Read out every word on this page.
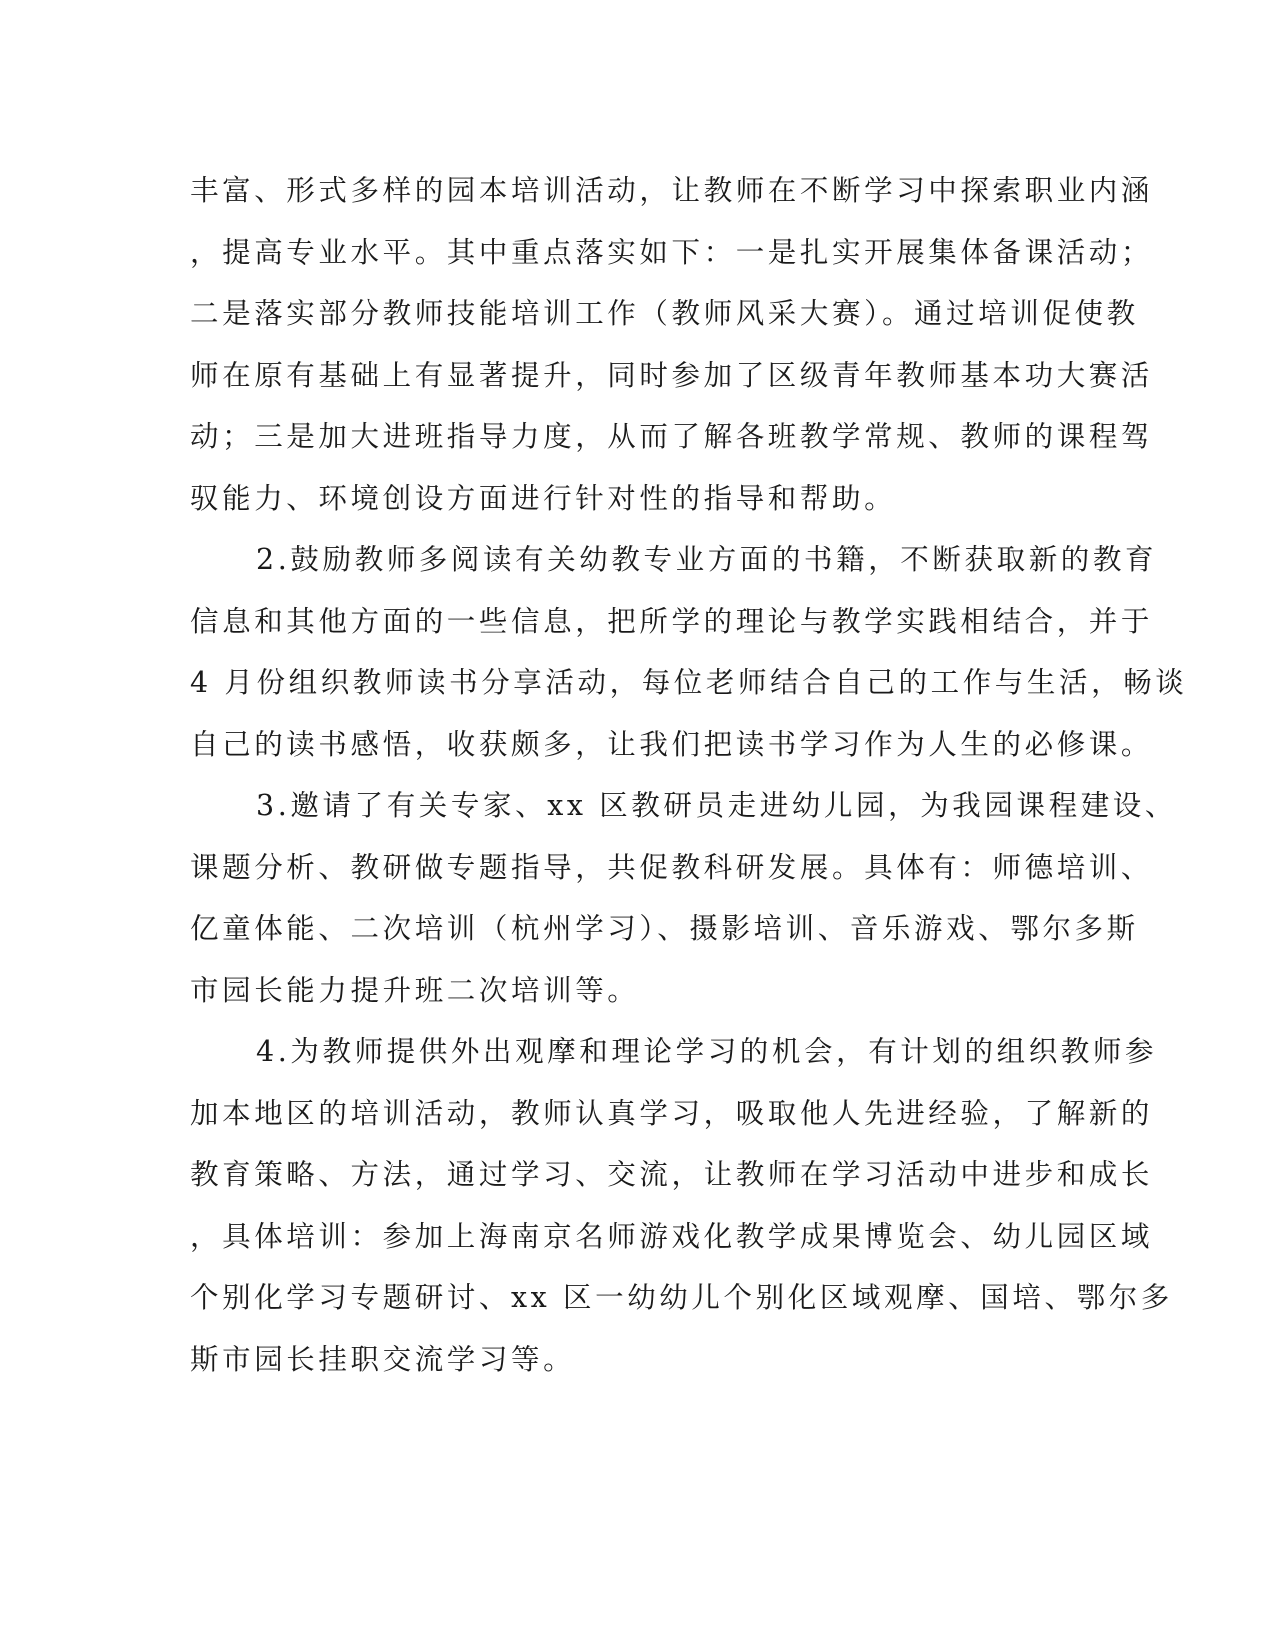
丰富、形式多样的园本培训活动，让教师在不断学习中探索职业内涵
，提高专业水平。其中重点落实如下：一是扎实开展集体备课活动；
二是落实部分教师技能培训工作（教师风采大赛）。通过培训促使教
师在原有基础上有显著提升，同时参加了区级青年教师基本功大赛活
动；三是加大进班指导力度，从而了解各班教学常规、教师的课程驾
驭能力、环境创设方面进行针对性的指导和帮助。
2.鼓励教师多阅读有关幼教专业方面的书籍，不断获取新的教育
信息和其他方面的一些信息，把所学的理论与教学实践相结合，并于
4 月份组织教师读书分享活动，每位老师结合自己的工作与生活，畅谈
自己的读书感悟，收获颇多，让我们把读书学习作为人生的必修课。
3.邀请了有关专家、xx 区教研员走进幼儿园，为我园课程建设、
课题分析、教研做专题指导，共促教科研发展。具体有：师德培训、
亿童体能、二次培训（杭州学习）、摄影培训、音乐游戏、鄂尔多斯
市园长能力提升班二次培训等。
4.为教师提供外出观摩和理论学习的机会，有计划的组织教师参
加本地区的培训活动，教师认真学习，吸取他人先进经验，了解新的
教育策略、方法，通过学习、交流，让教师在学习活动中进步和成长
，具体培训：参加上海南京名师游戏化教学成果博览会、幼儿园区域
个别化学习专题研讨、xx 区一幼幼儿个别化区域观摩、国培、鄂尔多
斯市园长挂职交流学习等。
